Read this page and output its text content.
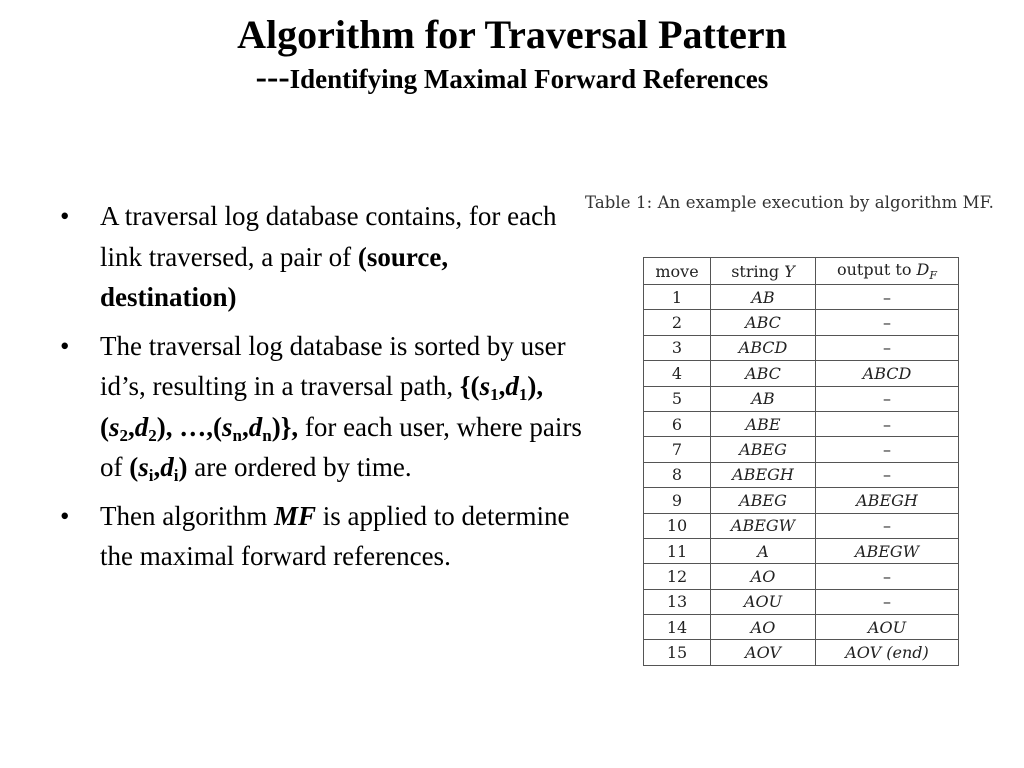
Algorithm for Traversal Pattern
---Identifying Maximal Forward References
• A traversal log database contains, for each link traversed, a pair of (source, destination)
• The traversal log database is sorted by user id’s, resulting in a traversal path, {$(s_1,d_1),(s_2,d_2)$, $\dots,(s_n,d_n)$}, for each user, where pairs of $(s_i,d_i)$ are ordered by time.
• Then algorithm MF is applied to determine the maximal forward references.
Table 1: An example execution by algorithm MF.
move	string Y	output to $D_F$
1	AB	–
2	ABC	–
3	ABCD	–
4	ABC	ABCD
5	AB	–
6	ABE	–
7	ABEG	–
8	ABEGH	–
9	ABEG	ABEGH
10	ABEGW	–
11	A	ABEGW
12	AO	–
13	AOU	–
14	AO	AOU
15	AOV	AOV (end)
